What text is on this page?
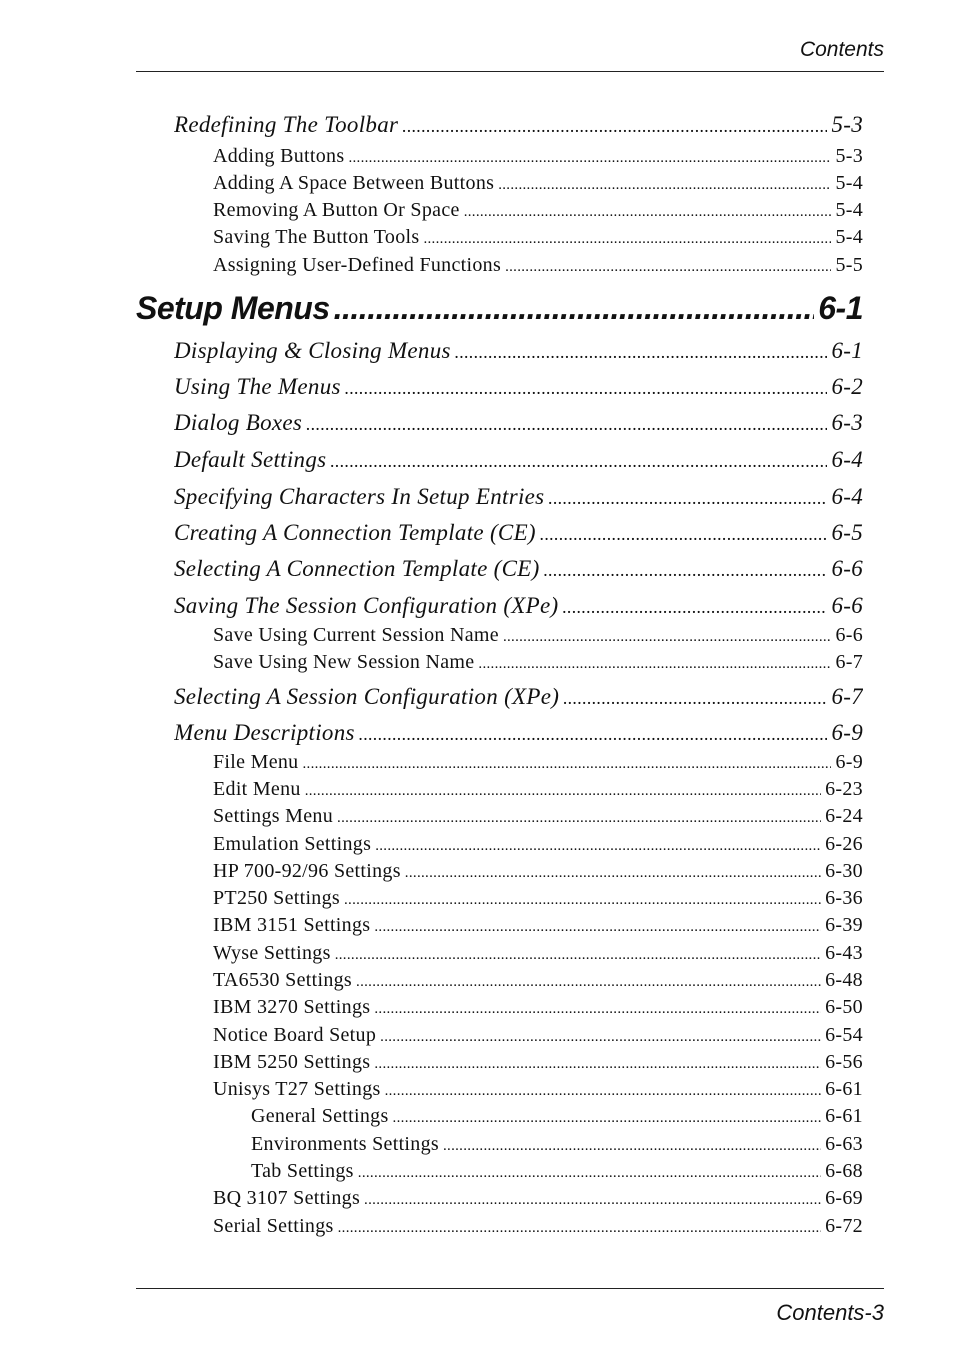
Contents
Redefining The Toolbar .....	5-3
Adding Buttons .....	5-3
Adding A Space Between Buttons .....	5-4
Removing A Button Or Space .....	5-4
Saving The Button Tools .....	5-4
Assigning User-Defined Functions .....	5-5
Setup Menus .....	6-1
Displaying & Closing Menus .....	6-1
Using The Menus .....	6-2
Dialog Boxes .....	6-3
Default Settings .....	6-4
Specifying Characters In Setup Entries .....	6-4
Creating A Connection Template (CE) .....	6-5
Selecting A Connection Template (CE) .....	6-6
Saving The Session Configuration (XPe) .....	6-6
Save Using Current Session Name .....	6-6
Save Using New Session Name .....	6-7
Selecting A Session Configuration (XPe) .....	6-7
Menu Descriptions .....	6-9
File Menu .....	6-9
Edit Menu .....	6-23
Settings Menu .....	6-24
Emulation Settings .....	6-26
HP 700-92/96 Settings .....	6-30
PT250 Settings .....	6-36
IBM 3151 Settings .....	6-39
Wyse Settings .....	6-43
TA6530 Settings .....	6-48
IBM 3270 Settings .....	6-50
Notice Board Setup .....	6-54
IBM 5250 Settings .....	6-56
Unisys T27 Settings .....	6-61
General Settings .....	6-61
Environments Settings .....	6-63
Tab Settings .....	6-68
BQ 3107 Settings .....	6-69
Serial Settings .....	6-72
Contents-3
